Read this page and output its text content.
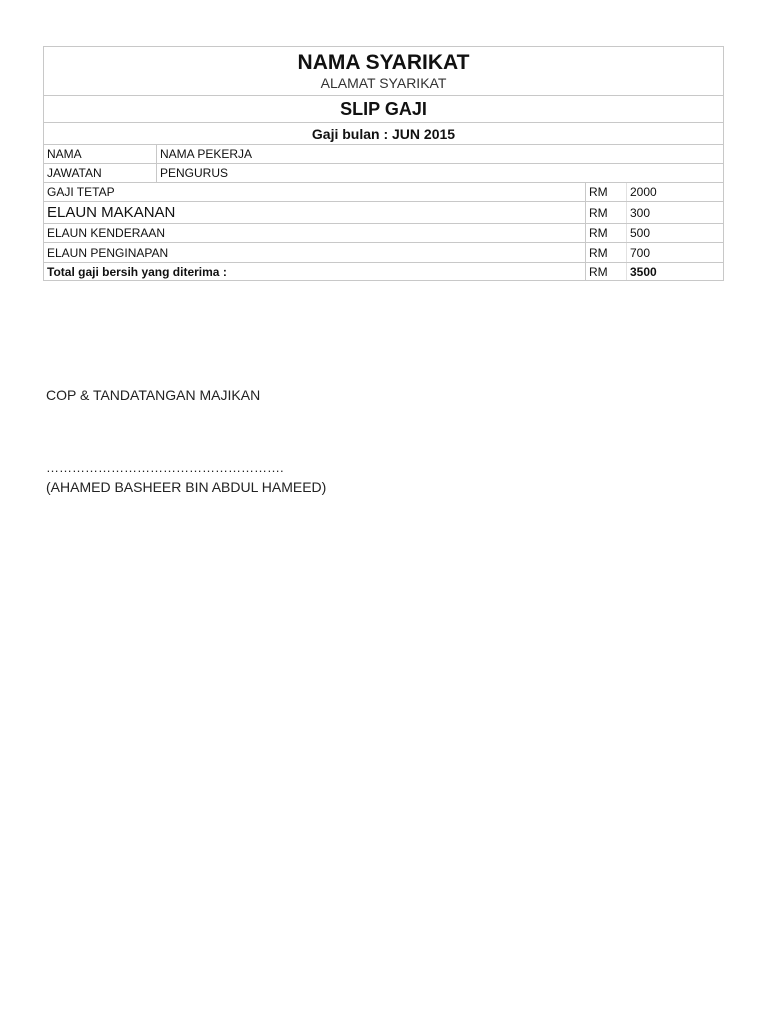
NAMA SYARIKAT
ALAMAT SYARIKAT
SLIP GAJI
Gaji bulan : JUN 2015
NAMA	NAMA PEKERJA
JAWATAN	PENGURUS
GAJI TETAP	RM	2000
ELAUN MAKANAN	RM	300
ELAUN KENDERAAN	RM	500
ELAUN PENGINAPAN	RM	700
Total gaji bersih yang diterima :	RM	3500
COP & TANDATANGAN MAJIKAN
……………………………………………….
(AHAMED BASHEER BIN ABDUL HAMEED)
